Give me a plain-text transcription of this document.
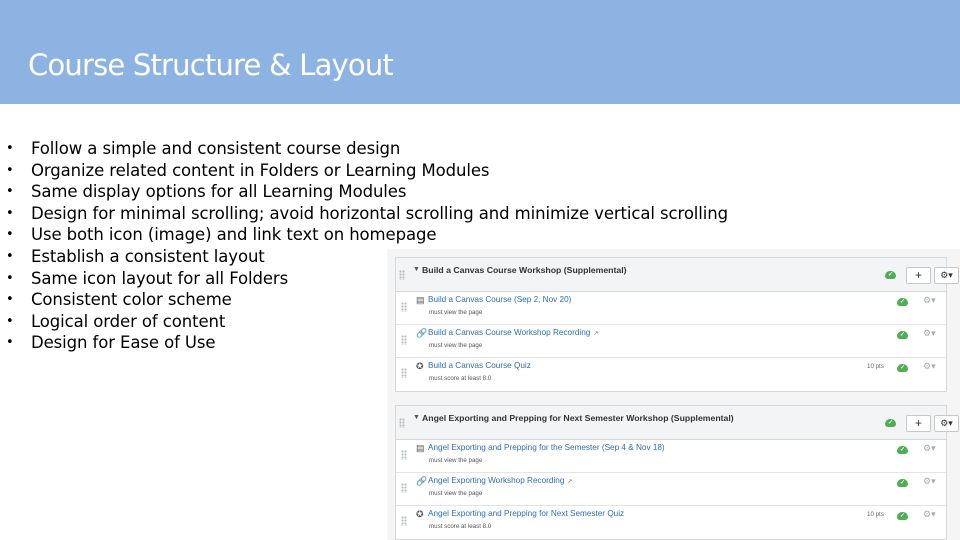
Course Structure & Layout
• Follow a simple and consistent course design
• Organize related content in Folders or Learning Modules
• Same display options for all Learning Modules
• Design for minimal scrolling; avoid horizontal scrolling and minimize vertical scrolling
• Use both icon (image) and link text on homepage
• Establish a consistent layout
• Same icon layout for all Folders
• Consistent color scheme
• Logical order of content
• Design for Ease of Use
▼ Build a Canvas Course Workshop (Supplemental)	✓	+	⚙▾
▤ Build a Canvas Course (Sep 2, Nov 20)
must view the page
✓	⚙▾
🔗 Build a Canvas Course Workshop Recording ↗
must view the page
✓	⚙▾
✪ Build a Canvas Course Quiz
must score at least 8.0
10 pts	✓	⚙▾
▼ Angel Exporting and Prepping for Next Semester Workshop (Supplemental)	✓	+	⚙▾
▤ Angel Exporting and Prepping for the Semester (Sep 4 & Nov 18)
must view the page
✓	⚙▾
🔗 Angel Exporting Workshop Recording ↗
must view the page
✓	⚙▾
✪ Angel Exporting and Prepping for Next Semester Quiz
must score at least 8.0
10 pts	✓	⚙▾
